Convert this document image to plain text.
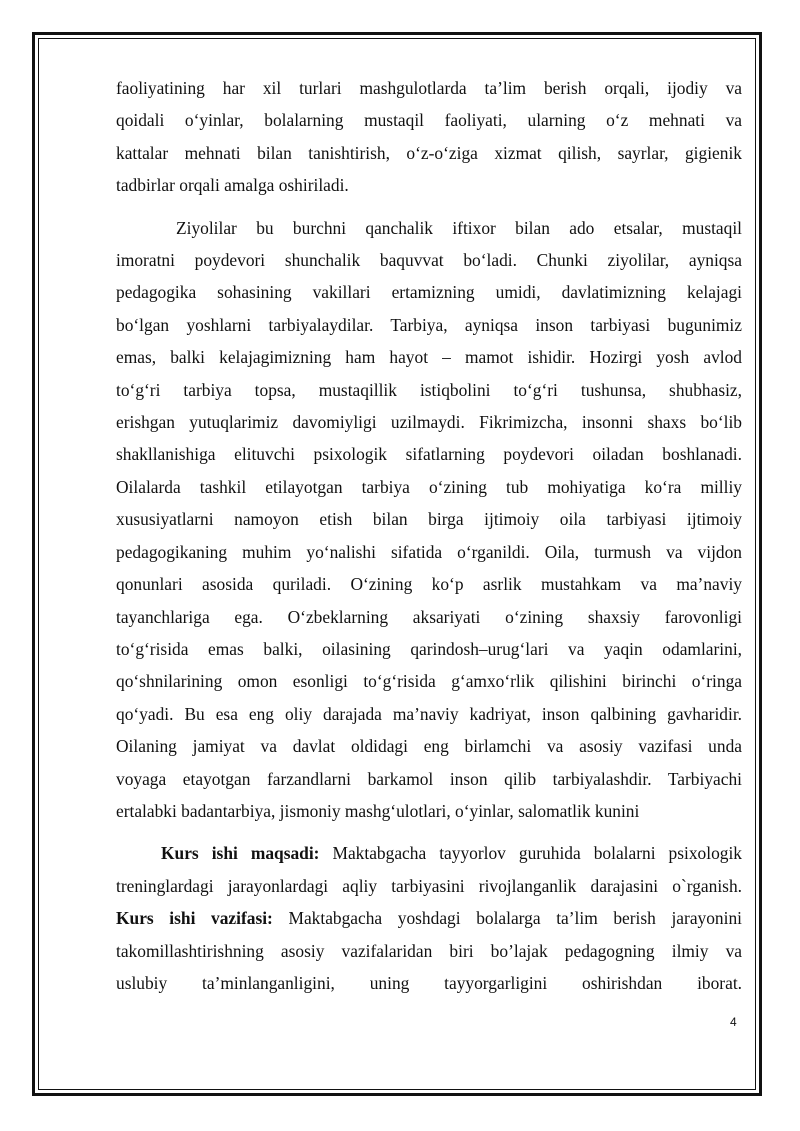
faoliyatining har xil turlari mashgulotlarda ta’lim berish orqali, ijodiy va
qoidali o‘yinlar, bolalarning mustaqil faoliyati, ularning o‘z mehnati va
kattalar mehnati bilan tanishtirish, o‘z-o‘ziga xizmat qilish, sayrlar, gigienik
tadbirlar orqali amalga oshiriladi.
Ziyolilar bu burchni qanchalik iftixor bilan ado etsalar, mustaqil
imoratni poydevori shunchalik baquvvat bo‘ladi. Chunki ziyolilar, ayniqsa
pedagogika sohasining vakillari ertamizning umidi, davlatimizning kelajagi
bo‘lgan yoshlarni tarbiyalaydilar. Tarbiya, ayniqsa inson tarbiyasi bugunimiz
emas, balki kelajagimizning ham hayot – mamot ishidir. Hozirgi yosh avlod
to‘g‘ri tarbiya topsa, mustaqillik istiqbolini to‘g‘ri tushunsa, shubhasiz,
erishgan yutuqlarimiz davomiyligi uzilmaydi. Fikrimizcha, insonni shaxs bo‘lib
shakllanishiga elituvchi psixologik sifatlarning poydevori oiladan boshlanadi.
Oilalarda tashkil etilayotgan tarbiya o‘zining tub mohiyatiga ko‘ra milliy
xususiyatlarni namoyon etish bilan birga ijtimoiy oila tarbiyasi ijtimoiy
pedagogikaning muhim yo‘nalishi sifatida o‘rganildi. Oila, turmush va vijdon
qonunlari asosida quriladi. O‘zining ko‘p asrlik mustahkam va ma’naviy
tayanchlariga ega. O‘zbeklarning aksariyati o‘zining shaxsiy farovonligi
to‘g‘risida emas balki, oilasining qarindosh–urug‘lari va yaqin odamlarini,
qo‘shnilarining omon esonligi to‘g‘risida g‘amxo‘rlik qilishini birinchi o‘ringa
qo‘yadi. Bu esa eng oliy darajada ma’naviy kadriyat, inson qalbining gavharidir.
Oilaning jamiyat va davlat oldidagi eng birlamchi va asosiy vazifasi unda
voyaga etayotgan farzandlarni barkamol inson qilib tarbiyalashdir. Tarbiyachi
ertalabki badantarbiya, jismoniy mashg‘ulotlari, o‘yinlar, salomatlik kunini
Kurs ishi maqsadi: Maktabgacha tayyorlov guruhida bolalarni psixologik
treninglardagi jarayonlardagi aqliy tarbiyasini rivojlanganlik darajasini o`rganish.
Kurs ishi vazifasi: Maktabgacha yoshdagi bolalarga ta’lim berish jarayonini
takomillashtirishning asosiy vazifalaridan biri bo’lajak pedagogning ilmiy va
uslubiy ta’minlanganligini, uning tayyorgarligini oshirishdan iborat.
4
